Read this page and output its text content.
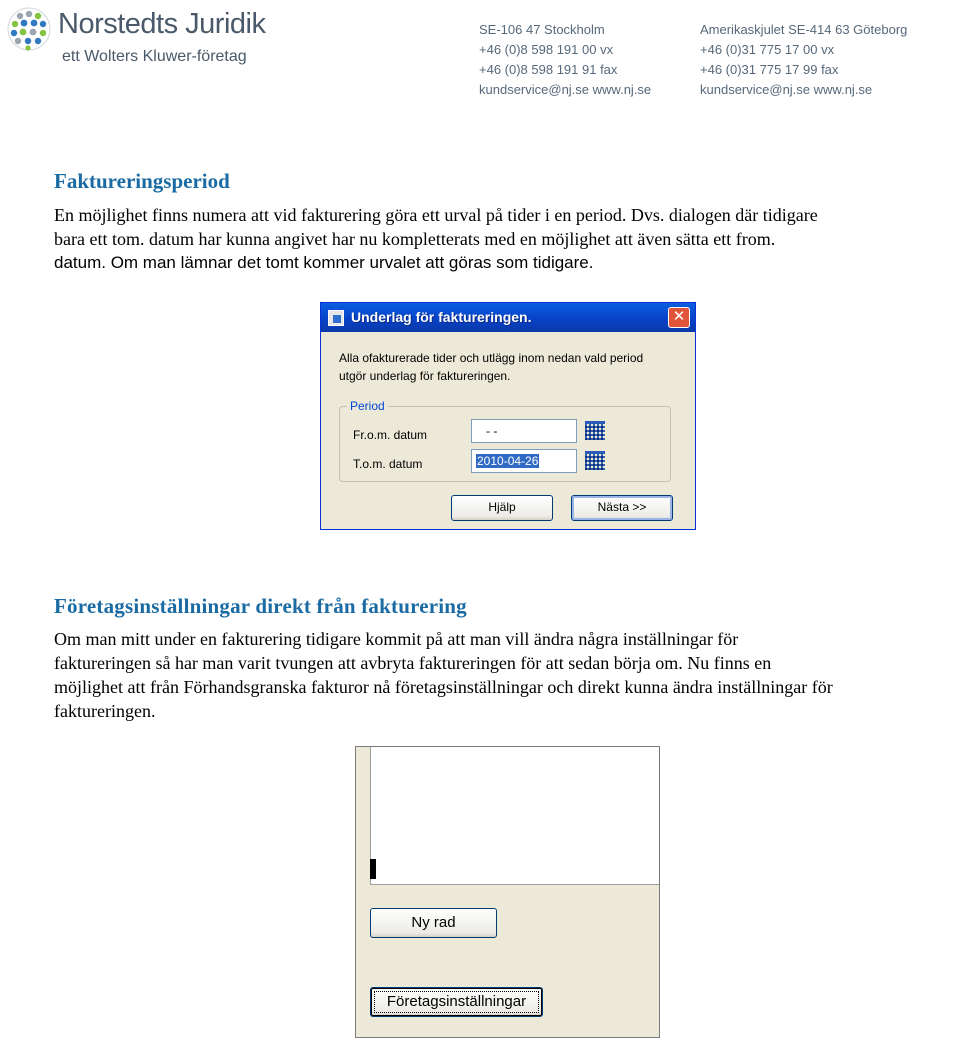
Norstedts Juridik
ett Wolters Kluwer-företag
SE-106 47 Stockholm
+46 (0)8 598 191 00 vx
+46 (0)8 598 191 91 fax
kundservice@nj.se www.nj.se
Amerikaskjulet SE-414 63 Göteborg
+46 (0)31 775 17 00 vx
+46 (0)31 775 17 99 fax
kundservice@nj.se www.nj.se
Faktureringsperiod
En möjlighet finns numera att vid fakturering göra ett urval på tider i en period. Dvs. dialogen där tidigare
bara ett tom. datum har kunna angivet har nu kompletterats med en möjlighet att även sätta ett from.
datum. Om man lämnar det tomt kommer urvalet att göras som tidigare.
Underlag för faktureringen.	✕
Alla ofakturerade tider och utlägg inom nedan vald period
utgör underlag för faktureringen.
Period
Fr.o.m. datum	- -
T.o.m. datum	2010-04-26
Hjälp	Nästa >>
Företagsinställningar direkt från fakturering
Om man mitt under en fakturering tidigare kommit på att man vill ändra några inställningar för
faktureringen så har man varit tvungen att avbryta faktureringen för att sedan börja om. Nu finns en
möjlighet att från Förhandsgranska fakturor nå företagsinställningar och direkt kunna ändra inställningar för
faktureringen.
Ny rad
Företagsinställningar
